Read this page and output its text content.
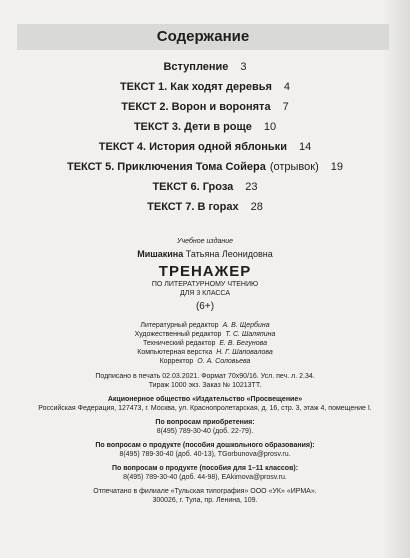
Содержание
Вступление 3
ТЕКСТ 1. Как ходят деревья 4
ТЕКСТ 2. Ворон и воронята 7
ТЕКСТ 3. Дети в роще 10
ТЕКСТ 4. История одной яблоньки 14
ТЕКСТ 5. Приключения Тома Сойера (отрывок) 19
ТЕКСТ 6. Гроза 23
ТЕКСТ 7. В горах 28
Учебное издание
Мишакина Татьяна Леонидовна
ТРЕНАЖЕР
ПО ЛИТЕРАТУРНОМУ ЧТЕНИЮ
ДЛЯ 3 КЛАССА
(6+)
Литературный редактор А. В. Щербина
Художественный редактор Т. С. Шаляпина
Технический редактор Е. В. Бегунова
Компьютерная верстка Н. Г. Шаповалова
Корректор О. А. Соловьева
Подписано в печать 02.03.2021. Формат 70х90/16. Усл. печ. л. 2.34.
Тираж 1000 экз. Заказ № 10213ТТ.
Акционерное общество «Издательство «Просвещение»
Российская Федерация, 127473, г. Москва, ул. Краснопролетарская, д. 16, стр. 3, этаж 4, помещение I.
По вопросам приобретения:
8(495) 789-30-40 (доб. 22-79).
По вопросам о продукте (пособия дошкольного образования):
8(495) 789-30-40 (доб. 40-13), TGorbunova@prosv.ru.
По вопросам о продукте (пособия для 1–11 классов):
8(495) 789-30-40 (доб. 44-98), EAkimova@prosv.ru.
Отпечатано в филиале «Тульская типография» ООО «УК» «ИРМА».
300026, г. Тула, пр. Ленина, 109.
